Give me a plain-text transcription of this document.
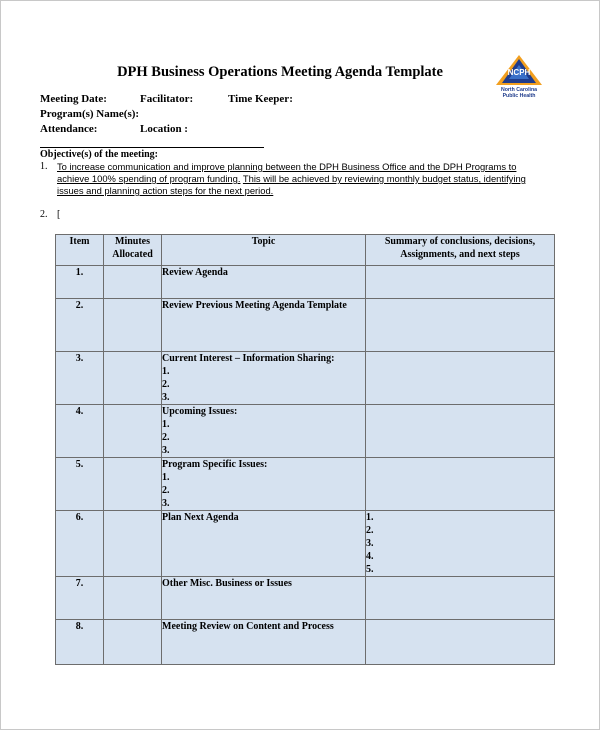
DPH Business Operations Meeting Agenda Template	NCPH
North Carolina
Public Health
Meeting Date:	Facilitator:	Time Keeper:
Program(s) Name(s):
Attendance:	Location :
Objective(s) of the meeting:
1. To increase communication and improve planning between the DPH Business Office and the DPH Programs to achieve 100% spending of program funding. This will be achieved by reviewing monthly budget status, identifying issues and planning action steps for the next period.
2. [
Item	Minutes Allocated	Topic	Summary of conclusions, decisions, Assignments, and next steps
1.		Review Agenda	
2.		Review Previous Meeting Agenda Template	
3.		Current Interest – Information Sharing:
1.
2.
3.	

4.		Upcoming Issues:
1.
2.
3.	

5.		Program Specific Issues:
1.
2.
3.	

6.		Plan Next Agenda	1.
2.
3.
4.
5.

7.		Other Misc. Business or Issues	
8.		Meeting Review on Content and Process	
